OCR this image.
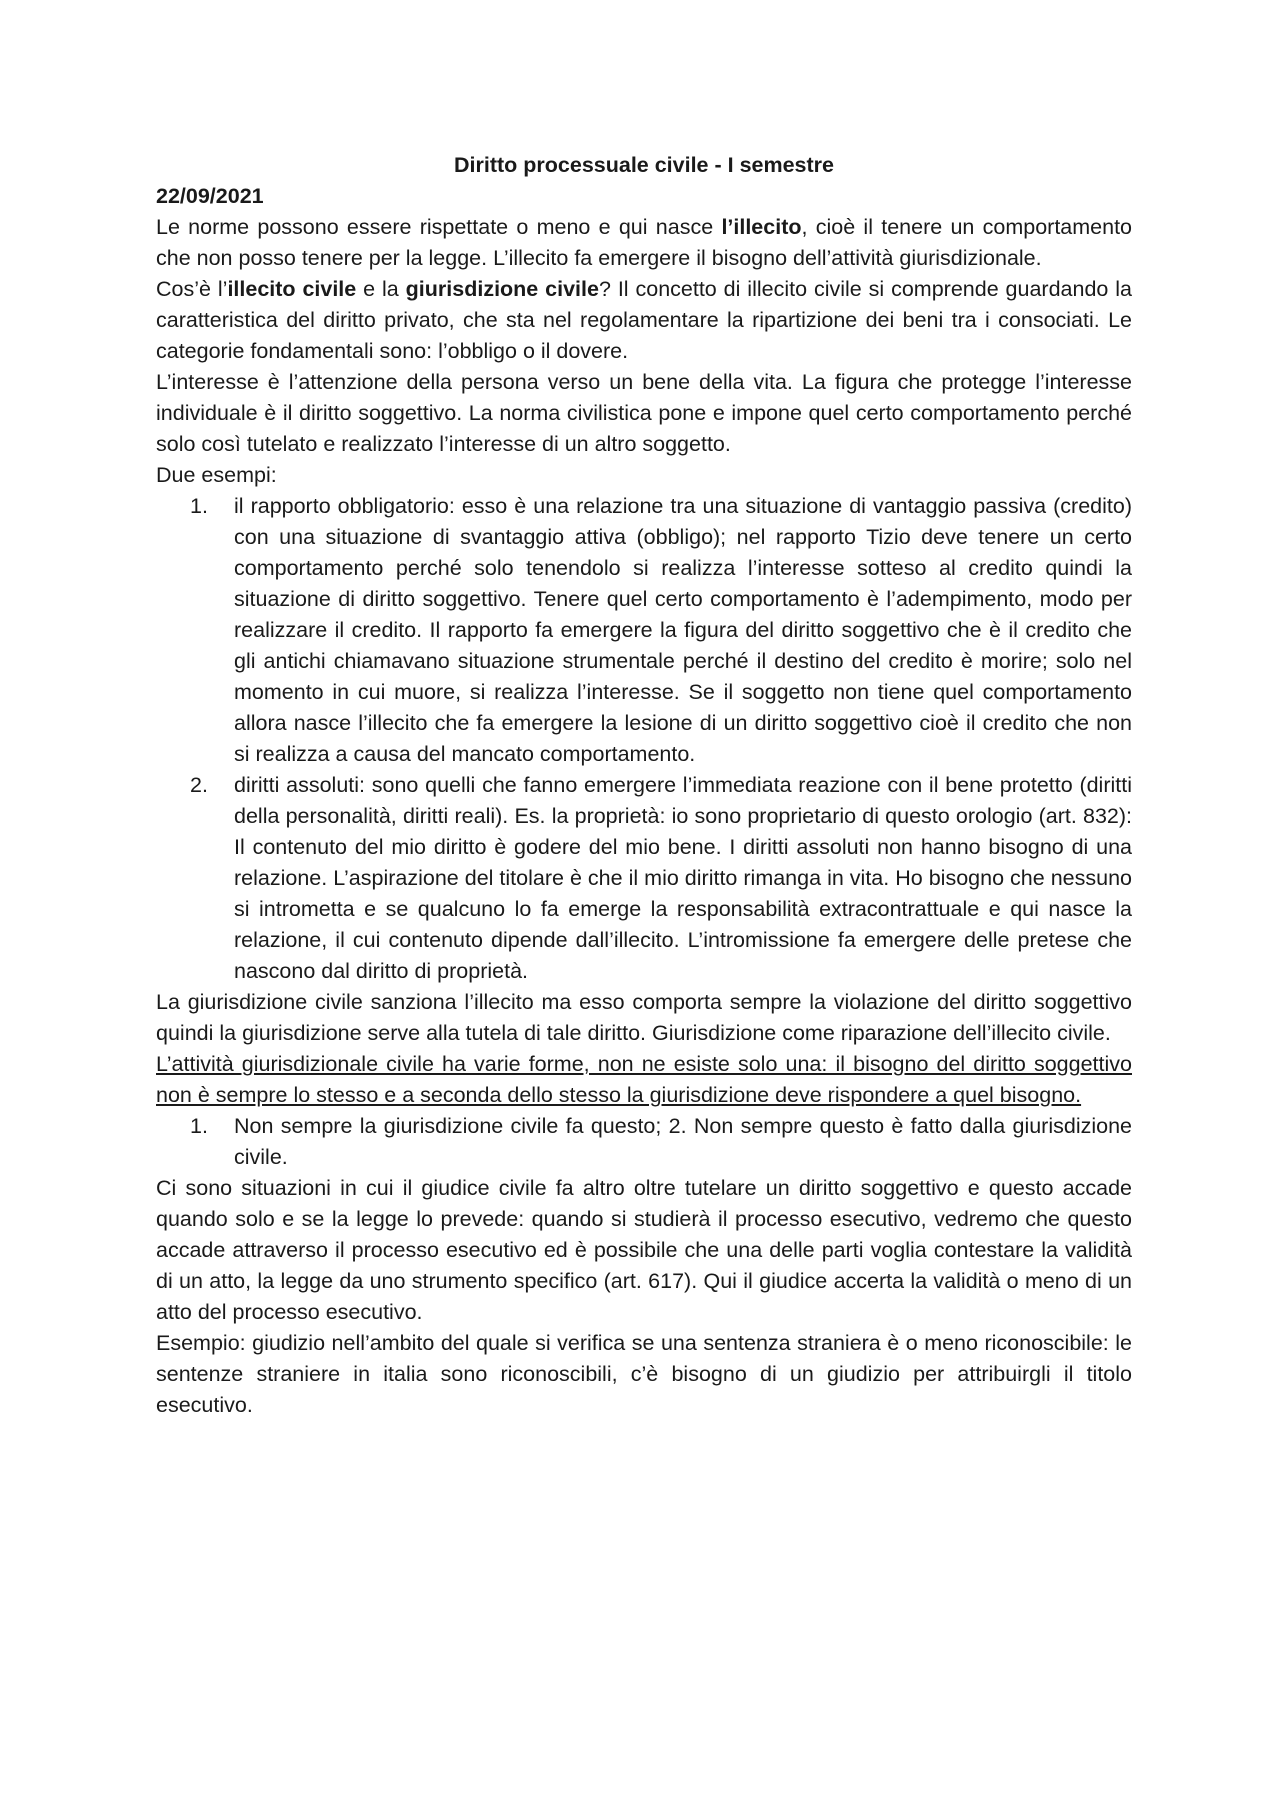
Diritto processuale civile - I semestre

22/09/2021

Le norme possono essere rispettate o meno e qui nasce l’illecito, cioè il tenere un comportamento che non posso tenere per la legge. L’illecito fa emergere il bisogno dell’attività giurisdizionale.

Cos’è l’illecito civile e la giurisdizione civile? Il concetto di illecito civile si comprende guardando la caratteristica del diritto privato, che sta nel regolamentare la ripartizione dei beni tra i consociati. Le categorie fondamentali sono: l’obbligo o il dovere.

L’interesse è l’attenzione della persona verso un bene della vita. La figura che protegge l’interesse individuale è il diritto soggettivo. La norma civilistica pone e impone quel certo comportamento perché solo così tutelato e realizzato l’interesse di un altro soggetto.

Due esempi:

1. il rapporto obbligatorio: esso è una relazione tra una situazione di vantaggio passiva (credito) con una situazione di svantaggio attiva (obbligo); nel rapporto Tizio deve tenere un certo comportamento perché solo tenendolo si realizza l’interesse sotteso al credito quindi la situazione di diritto soggettivo. Tenere quel certo comportamento è l’adempimento, modo per realizzare il credito. Il rapporto fa emergere la figura del diritto soggettivo che è il credito che gli antichi chiamavano situazione strumentale perché il destino del credito è morire; solo nel momento in cui muore, si realizza l’interesse. Se il soggetto non tiene quel comportamento allora nasce l’illecito che fa emergere la lesione di un diritto soggettivo cioè il credito che non si realizza a causa del mancato comportamento.
2. diritti assoluti: sono quelli che fanno emergere l’immediata reazione con il bene protetto (diritti della personalità, diritti reali). Es. la proprietà: io sono proprietario di questo orologio (art. 832): Il contenuto del mio diritto è godere del mio bene. I diritti assoluti non hanno bisogno di una relazione. L’aspirazione del titolare è che il mio diritto rimanga in vita. Ho bisogno che nessuno si intrometta e se qualcuno lo fa emerge la responsabilità extracontrattuale e qui nasce la relazione, il cui contenuto dipende dall’illecito. L’intromissione fa emergere delle pretese che nascono dal diritto di proprietà.

La giurisdizione civile sanziona l’illecito ma esso comporta sempre la violazione del diritto soggettivo quindi la giurisdizione serve alla tutela di tale diritto. Giurisdizione come riparazione dell’illecito civile.

L’attività giurisdizionale civile ha varie forme, non ne esiste solo una: il bisogno del diritto soggettivo non è sempre lo stesso e a seconda dello stesso la giurisdizione deve rispondere a quel bisogno.

1. Non sempre la giurisdizione civile fa questo; 2. Non sempre questo è fatto dalla giurisdizione civile.

Ci sono situazioni in cui il giudice civile fa altro oltre tutelare un diritto soggettivo e questo accade quando solo e se la legge lo prevede: quando si studierà il processo esecutivo, vedremo che questo accade attraverso il processo esecutivo ed è possibile che una delle parti voglia contestare la validità di un atto, la legge da uno strumento specifico (art. 617). Qui il giudice accerta la validità o meno di un atto del processo esecutivo.

Esempio: giudizio nell’ambito del quale si verifica se una sentenza straniera è o meno riconoscibile: le sentenze straniere in italia sono riconoscibili, c’è bisogno di un giudizio per attribuirgli il titolo esecutivo.
